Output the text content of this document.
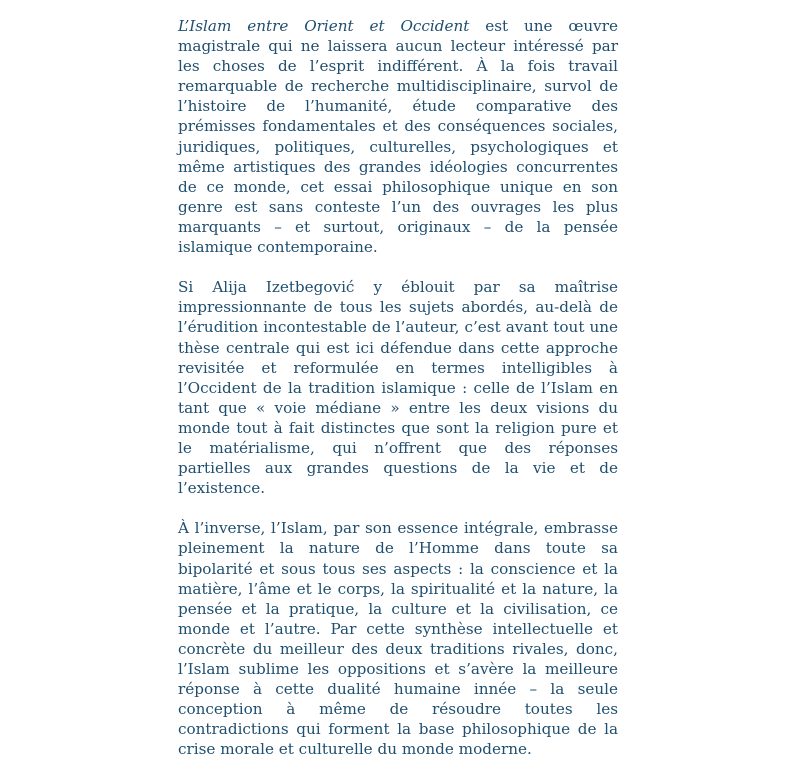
L’Islam entre Orient et Occident est une œuvre magistrale qui ne laissera aucun lecteur intéressé par les choses de l’esprit indifférent. À la fois travail remarquable de recherche multidisciplinaire, survol de l’histoire de l’humanité, étude comparative des prémisses fondamentales et des conséquences sociales, juridiques, politiques, culturelles, psychologiques et même artistiques des grandes idéologies concurrentes de ce monde, cet essai philosophique unique en son genre est sans conteste l’un des ouvrages les plus marquants – et surtout, originaux – de la pensée islamique contemporaine.

Si Alija Izetbegović y éblouit par sa maîtrise impressionnante de tous les sujets abordés, au-delà de l’érudition incontestable de l’auteur, c’est avant tout une thèse centrale qui est ici défendue dans cette approche revisitée et reformulée en termes intelligibles à l’Occident de la tradition islamique : celle de l’Islam en tant que « voie médiane » entre les deux visions du monde tout à fait distinctes que sont la religion pure et le matérialisme, qui n’offrent que des réponses partielles aux grandes questions de la vie et de l’existence.

À l’inverse, l’Islam, par son essence intégrale, embrasse pleinement la nature de l’Homme dans toute sa bipolarité et sous tous ses aspects : la conscience et la matière, l’âme et le corps, la spiritualité et la nature, la pensée et la pratique, la culture et la civilisation, ce monde et l’autre. Par cette synthèse intellectuelle et concrète du meilleur des deux traditions rivales, donc, l’Islam sublime les oppositions et s’avère la meilleure réponse à cette dualité humaine innée – la seule conception à même de résoudre toutes les contradictions qui forment la base philosophique de la crise morale et culturelle du monde moderne.
